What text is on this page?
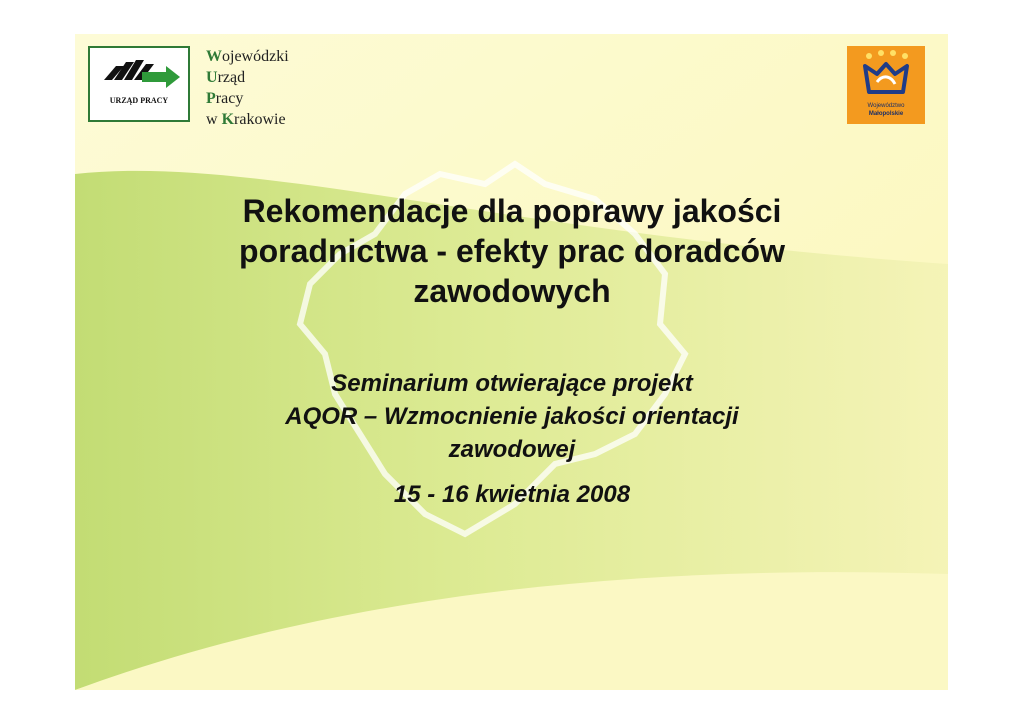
URZĄD PRACY
Wojewódzki
Urząd
Pracy
w Krakowie
Województwo
Małopolskie
Rekomendacje dla poprawy jakości
poradnictwa - efekty prac doradców
zawodowych

Seminarium otwierające projekt
AQOR – Wzmocnienie jakości orientacji
zawodowej

15 - 16 kwietnia 2008
